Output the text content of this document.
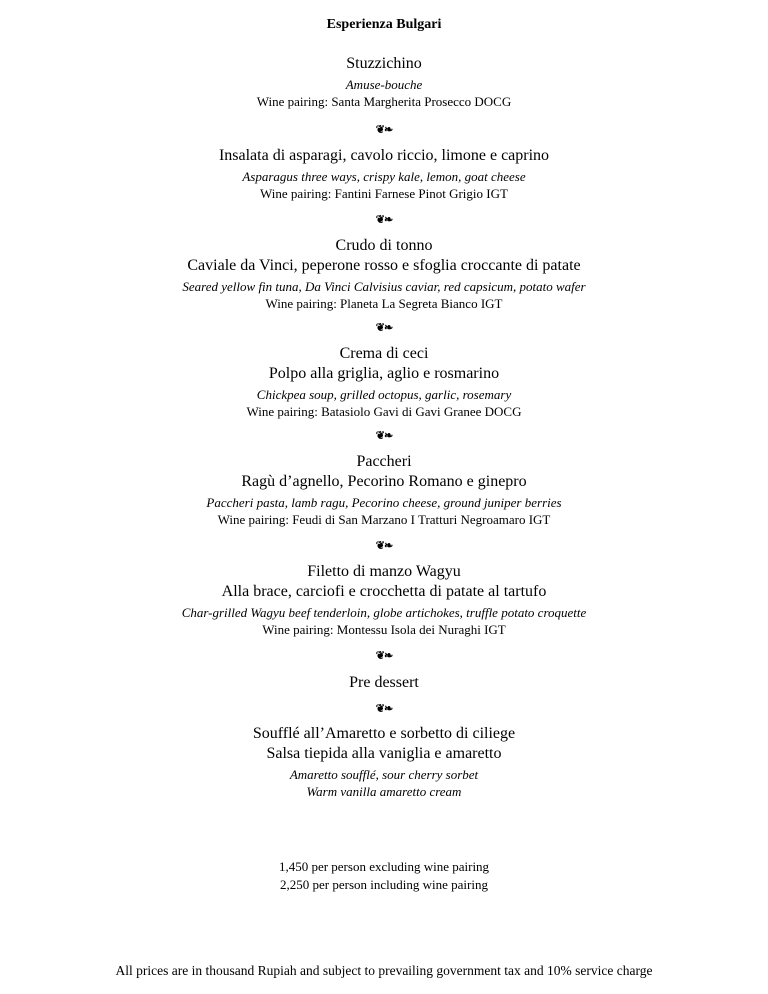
Esperienza Bulgari
Stuzzichino
Amuse-bouche
Wine pairing: Santa Margherita Prosecco DOCG
❦❧
Insalata di asparagi, cavolo riccio, limone e caprino
Asparagus three ways, crispy kale, lemon, goat cheese
Wine pairing: Fantini Farnese Pinot Grigio IGT
❦❧
Crudo di tonno
Caviale da Vinci, peperone rosso e sfoglia croccante di patate
Seared yellow fin tuna, Da Vinci Calvisius caviar, red capsicum, potato wafer
Wine pairing: Planeta La Segreta Bianco IGT
❦❧
Crema di ceci
Polpo alla griglia, aglio e rosmarino
Chickpea soup, grilled octopus, garlic, rosemary
Wine pairing: Batasiolo Gavi di Gavi Granee DOCG
❦❧
Paccheri
Ragù d’agnello, Pecorino Romano e ginepro
Paccheri pasta, lamb ragu, Pecorino cheese, ground juniper berries
Wine pairing: Feudi di San Marzano I Tratturi Negroamaro IGT
❦❧
Filetto di manzo Wagyu
Alla brace, carciofi e crocchetta di patate al tartufo
Char-grilled Wagyu beef tenderloin, globe artichokes, truffle potato croquette
Wine pairing: Montessu Isola dei Nuraghi IGT
❦❧
Pre dessert
❦❧
Soufflé all’Amaretto e sorbetto di ciliege
Salsa tiepida alla vaniglia e amaretto
Amaretto soufflé, sour cherry sorbet
Warm vanilla amaretto cream
1,450 per person excluding wine pairing
2,250 per person including wine pairing
All prices are in thousand Rupiah and subject to prevailing government tax and 10% service charge
